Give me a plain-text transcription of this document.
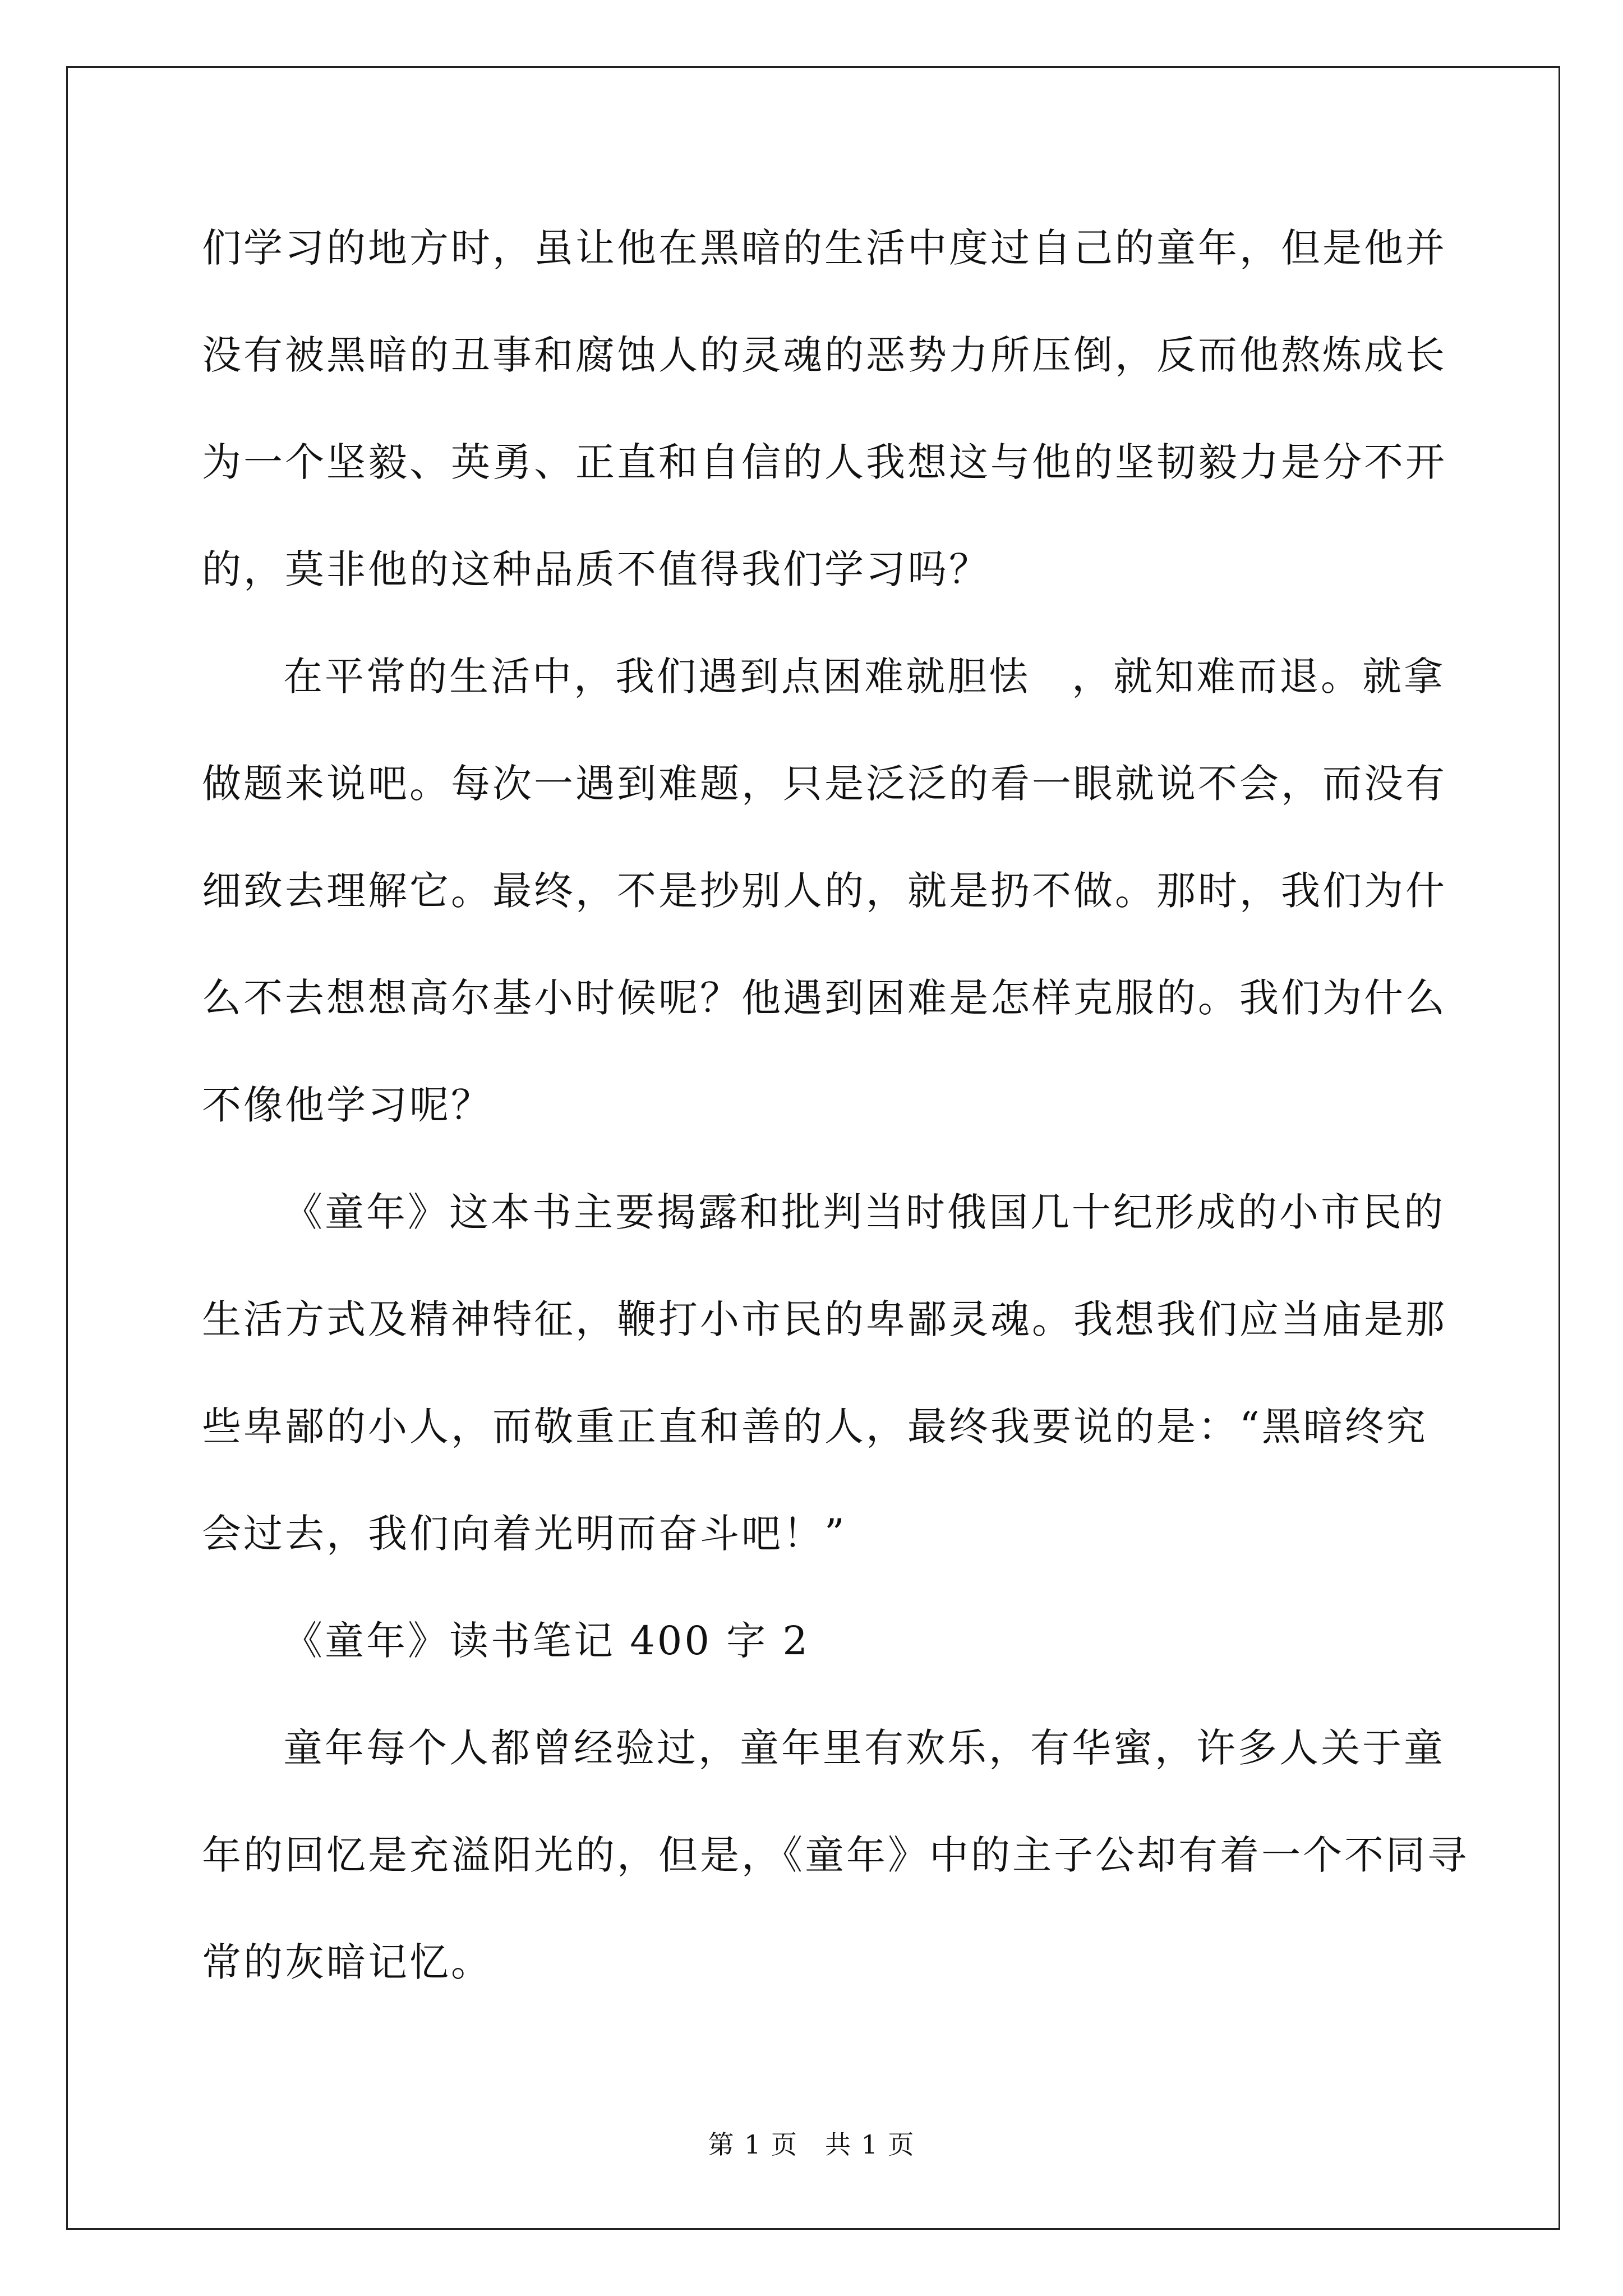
们学习的地方时，虽让他在黑暗的生活中度过自己的童年，但是他并
没有被黑暗的丑事和腐蚀人的灵魂的恶势力所压倒，反而他熬炼成长
为一个坚毅、英勇、正直和自信的人我想这与他的坚韧毅力是分不开
的，莫非他的这种品质不值得我们学习吗？
在平常的生活中，我们遇到点困难就胆怯　，就知难而退。就拿
做题来说吧。每次一遇到难题，只是泛泛的看一眼就说不会，而没有
细致去理解它。最终，不是抄别人的，就是扔不做。那时，我们为什
么不去想想高尔基小时候呢？他遇到困难是怎样克服的。我们为什么
不像他学习呢？
《童年》这本书主要揭露和批判当时俄国几十纪形成的小市民的
生活方式及精神特征，鞭打小市民的卑鄙灵魂。我想我们应当庙是那
些卑鄙的小人，而敬重正直和善的人，最终我要说的是：“黑暗终究
会过去，我们向着光明而奋斗吧！”
《童年》读书笔记 400 字 2
童年每个人都曾经验过，童年里有欢乐，有华蜜，许多人关于童
年的回忆是充溢阳光的，但是，《童年》中的主子公却有着一个不同寻
常的灰暗记忆。
第 1 页　共 1 页
